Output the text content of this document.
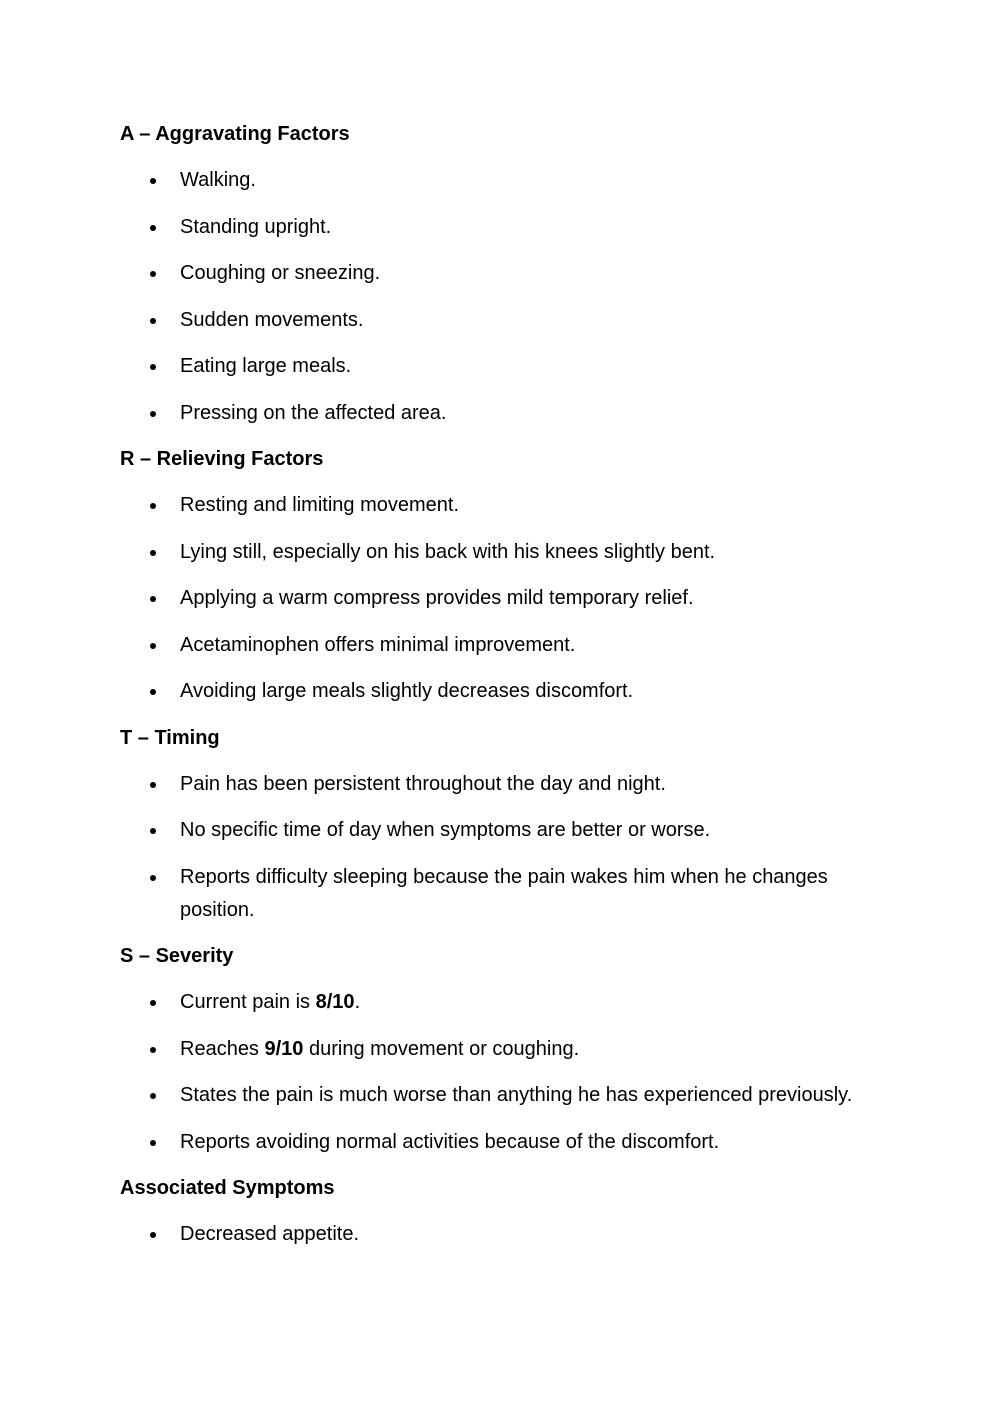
A – Aggravating Factors
Walking.
Standing upright.
Coughing or sneezing.
Sudden movements.
Eating large meals.
Pressing on the affected area.
R – Relieving Factors
Resting and limiting movement.
Lying still, especially on his back with his knees slightly bent.
Applying a warm compress provides mild temporary relief.
Acetaminophen offers minimal improvement.
Avoiding large meals slightly decreases discomfort.
T – Timing
Pain has been persistent throughout the day and night.
No specific time of day when symptoms are better or worse.
Reports difficulty sleeping because the pain wakes him when he changes position.
S – Severity
Current pain is 8/10.
Reaches 9/10 during movement or coughing.
States the pain is much worse than anything he has experienced previously.
Reports avoiding normal activities because of the discomfort.
Associated Symptoms
Decreased appetite.
